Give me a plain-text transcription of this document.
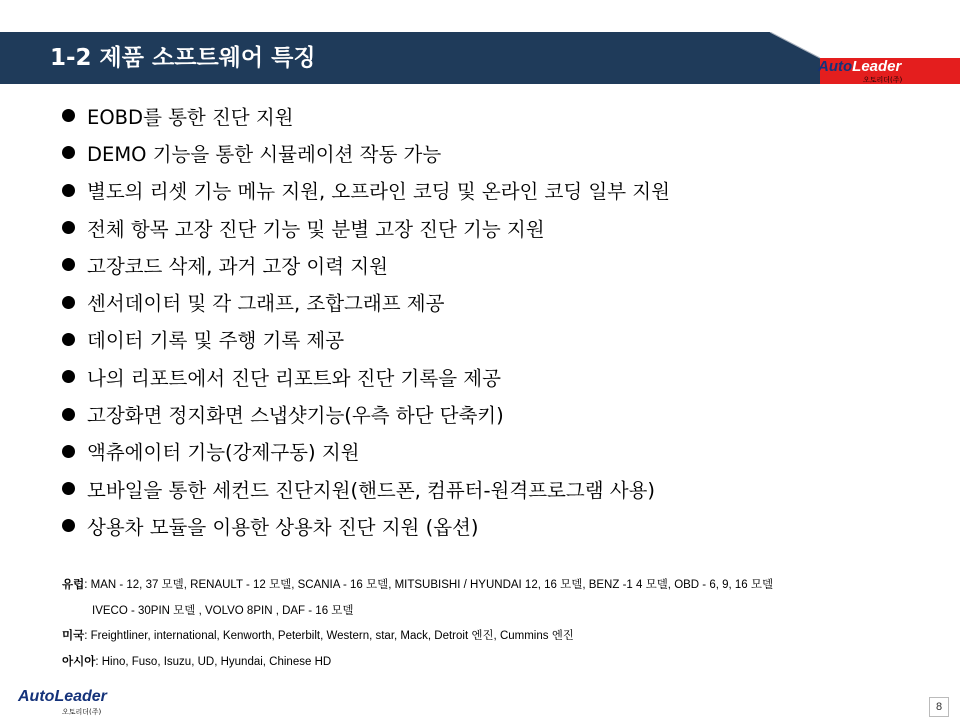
1-2 제품 소프트웨어 특징	AutoLeader
오토리더(주)
EOBD를 통한 진단 지원
DEMO 기능을 통한 시뮬레이션 작동 가능
별도의 리셋 기능 메뉴 지원, 오프라인 코딩 및 온라인 코딩 일부 지원
전체 항목 고장 진단 기능 및 분별 고장 진단 기능 지원
고장코드 삭제, 과거 고장 이력 지원
센서데이터 및 각 그래프, 조합그래프 제공
데이터 기록 및 주행 기록 제공
나의 리포트에서 진단 리포트와 진단 기록을 제공
고장화면 정지화면 스냅샷기능(우측 하단 단축키)
액츄에이터 기능(강제구동) 지원
모바일을 통한 세컨드 진단지원(핸드폰, 컴퓨터-원격프로그램 사용)
상용차 모듈을 이용한 상용차 진단 지원 (옵션)
유럽: MAN - 12, 37 모델, RENAULT - 12 모델, SCANIA - 16 모델, MITSUBISHI / HYUNDAI 12, 16 모델, BENZ -1 4 모델, OBD - 6, 9, 16 모델
IVECO - 30PIN 모델 , VOLVO 8PIN , DAF - 16 모델
미국: Freightliner, international, Kenworth, Peterbilt, Western, star, Mack, Detroit 엔진, Cummins 엔진
아시아: Hino, Fuso, Isuzu, UD, Hyundai, Chinese HD
AutoLeader
오토리더(주)	8
